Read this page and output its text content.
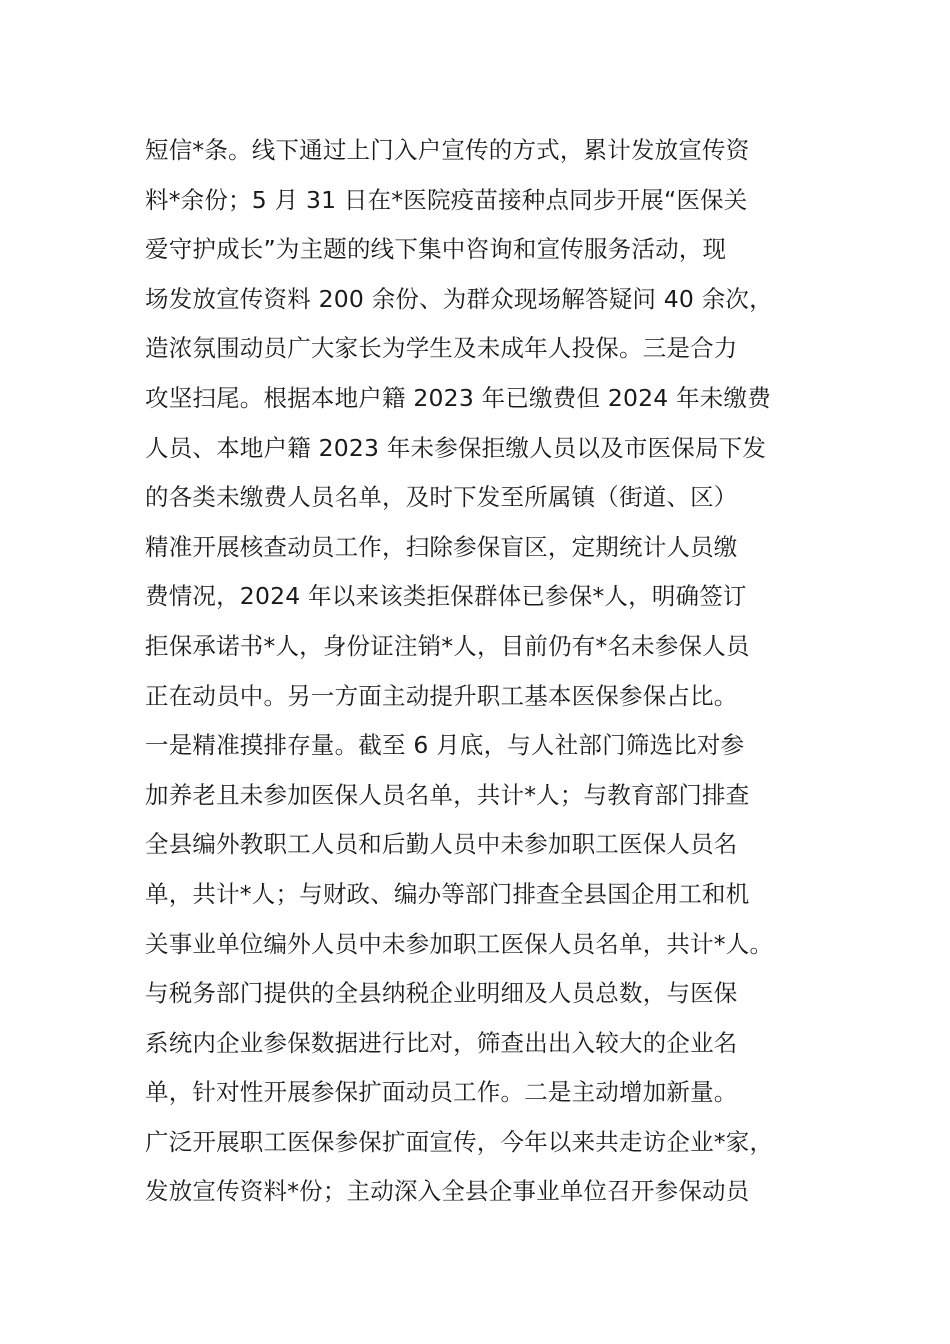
短信*条。线下通过上门入户宣传的方式，累计发放宣传资
料*余份；5 月 31 日在*医院疫苗接种点同步开展“医保关
爱守护成长”为主题的线下集中咨询和宣传服务活动，现
场发放宣传资料 200 余份、为群众现场解答疑问 40 余次，
造浓氛围动员广大家长为学生及未成年人投保。三是合力
攻坚扫尾。根据本地户籍 2023 年已缴费但 2024 年未缴费
人员、本地户籍 2023 年未参保拒缴人员以及市医保局下发
的各类未缴费人员名单，及时下发至所属镇（街道、区）
精准开展核查动员工作，扫除参保盲区，定期统计人员缴
费情况，2024 年以来该类拒保群体已参保*人，明确签订
拒保承诺书*人，身份证注销*人，目前仍有*名未参保人员
正在动员中。另一方面主动提升职工基本医保参保占比。
一是精准摸排存量。截至 6 月底，与人社部门筛选比对参
加养老且未参加医保人员名单，共计*人；与教育部门排查
全县编外教职工人员和后勤人员中未参加职工医保人员名
单，共计*人；与财政、编办等部门排查全县国企用工和机
关事业单位编外人员中未参加职工医保人员名单，共计*人。
与税务部门提供的全县纳税企业明细及人员总数，与医保
系统内企业参保数据进行比对，筛查出出入较大的企业名
单，针对性开展参保扩面动员工作。二是主动增加新量。
广泛开展职工医保参保扩面宣传，今年以来共走访企业*家，
发放宣传资料*份；主动深入全县企事业单位召开参保动员
